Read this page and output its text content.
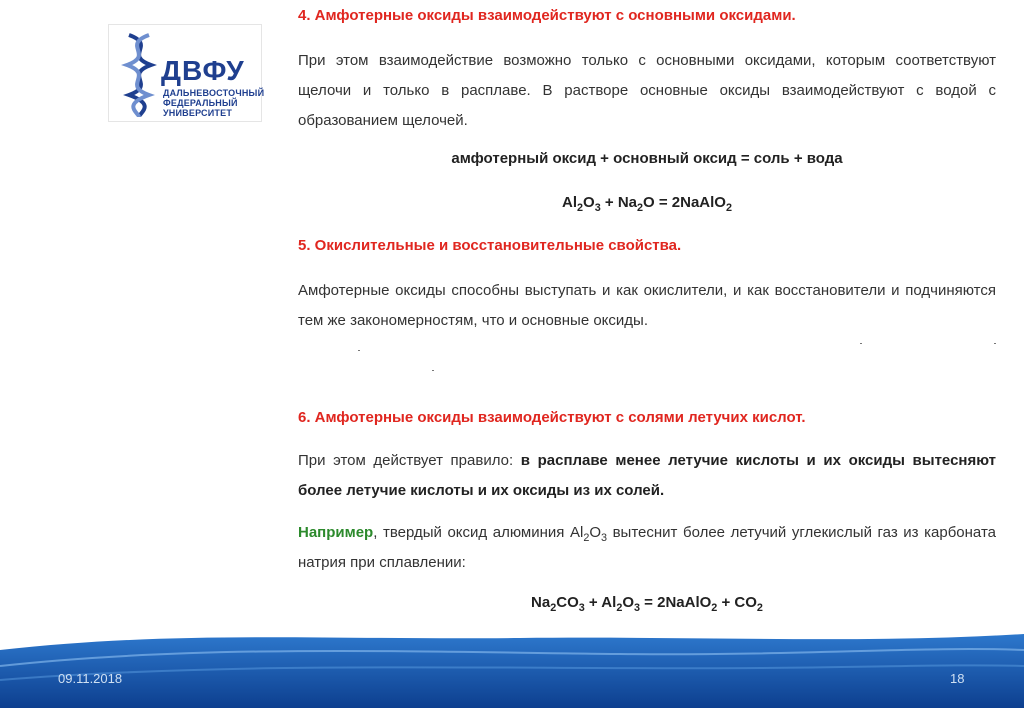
ДВФУ
ДАЛЬНЕВОСТОЧНЫЙ
ФЕДЕРАЛЬНЫЙ
УНИВЕРСИТЕТ
4. Амфотерные оксиды взаимодействуют с основными оксидами.
При этом взаимодействие возможно только с основными оксидами, которым соответствуют щелочи и только в расплаве. В растворе основные оксиды взаимодействуют с водой с образованием щелочей.
амфотерный оксид + основный оксид = соль + вода
$Al_2O_3 + Na_2O$ = 2NaAlO$_2$
5. Окислительные и восстановительные свойства.
Амфотерные оксиды способны выступать и как окислители, и как восстановители и подчиняются тем же закономерностям, что и основные оксиды.
6. Амфотерные оксиды взаимодействуют с солями летучих кислот.
При этом действует правило: в расплаве менее летучие кислоты и их оксиды вытесняют более летучие кислоты и их оксиды из их солей.
Например, твердый оксид алюминия $Al_2O_3$ вытеснит более летучий углекислый газ из карбоната натрия при сплавлении:
$Na_2CO_3 + Al_2O_3$ = 2NaAlO$_2$ + $CO_2$
09.11.2018	18
